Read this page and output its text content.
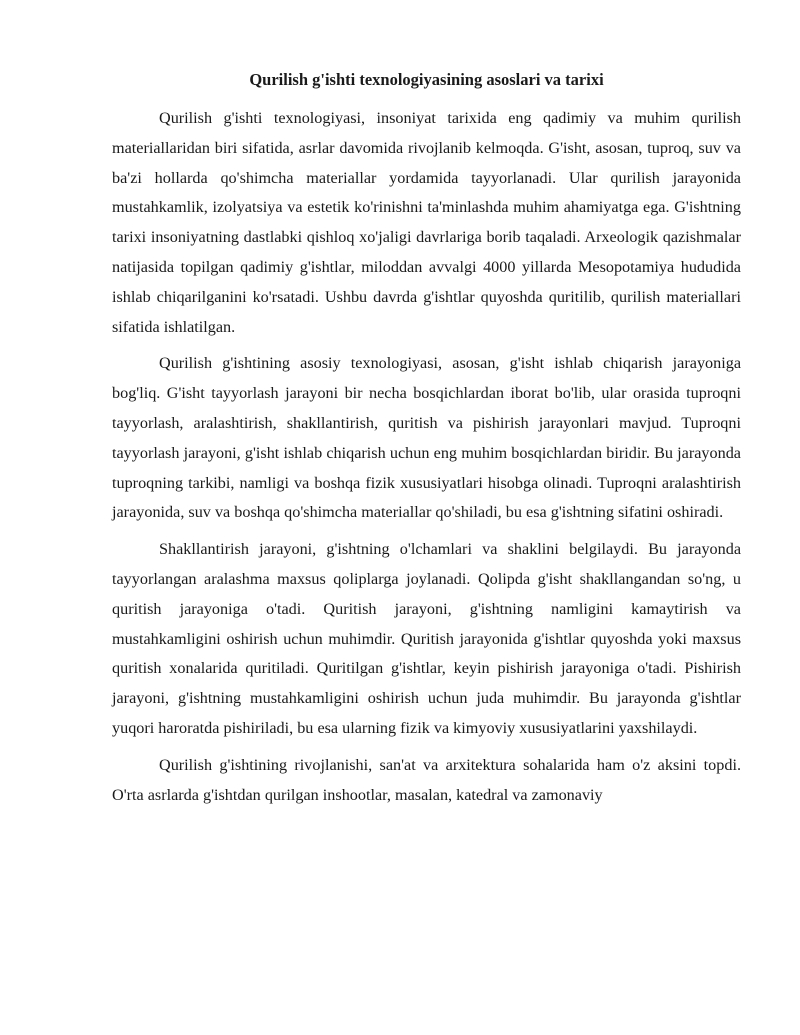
Qurilish g'ishti texnologiyasining asoslari va tarixi

Qurilish g'ishti texnologiyasi, insoniyat tarixida eng qadimiy va muhim qurilish materiallaridan biri sifatida, asrlar davomida rivojlanib kelmoqda. G'isht, asosan, tuproq, suv va ba'zi hollarda qo'shimcha materiallar yordamida tayyorlanadi. Ular qurilish jarayonida mustahkamlik, izolyatsiya va estetik ko'rinishni ta'minlashda muhim ahamiyatga ega. G'ishtning tarixi insoniyatning dastlabki qishloq xo'jaligi davrlariga borib taqaladi. Arxeologik qazishmalar natijasida topilgan qadimiy g'ishtlar, miloddan avvalgi 4000 yillarda Mesopotamiya hududida ishlab chiqarilganini ko'rsatadi. Ushbu davrda g'ishtlar quyoshda quritilib, qurilish materiallari sifatida ishlatilgan.

Qurilish g'ishtining asosiy texnologiyasi, asosan, g'isht ishlab chiqarish jarayoniga bog'liq. G'isht tayyorlash jarayoni bir necha bosqichlardan iborat bo'lib, ular orasida tuproqni tayyorlash, aralashtirish, shakllantirish, quritish va pishirish jarayonlari mavjud. Tuproqni tayyorlash jarayoni, g'isht ishlab chiqarish uchun eng muhim bosqichlardan biridir. Bu jarayonda tuproqning tarkibi, namligi va boshqa fizik xususiyatlari hisobga olinadi. Tuproqni aralashtirish jarayonida, suv va boshqa qo'shimcha materiallar qo'shiladi, bu esa g'ishtning sifatini oshiradi.

Shakllantirish jarayoni, g'ishtning o'lchamlari va shaklini belgilaydi. Bu jarayonda tayyorlangan aralashma maxsus qoliplarga joylanadi. Qolipda g'isht shakllangandan so'ng, u quritish jarayoniga o'tadi. Quritish jarayoni, g'ishtning namligini kamaytirish va mustahkamligini oshirish uchun muhimdir. Quritish jarayonida g'ishtlar quyoshda yoki maxsus quritish xonalarida quritiladi. Quritilgan g'ishtlar, keyin pishirish jarayoniga o'tadi. Pishirish jarayoni, g'ishtning mustahkamligini oshirish uchun juda muhimdir. Bu jarayonda g'ishtlar yuqori haroratda pishiriladi, bu esa ularning fizik va kimyoviy xususiyatlarini yaxshilaydi.

Qurilish g'ishtining rivojlanishi, san'at va arxitektura sohalarida ham o'z aksini topdi. O'rta asrlarda g'ishtdan qurilgan inshootlar, masalan, katedral va zamonaviy
